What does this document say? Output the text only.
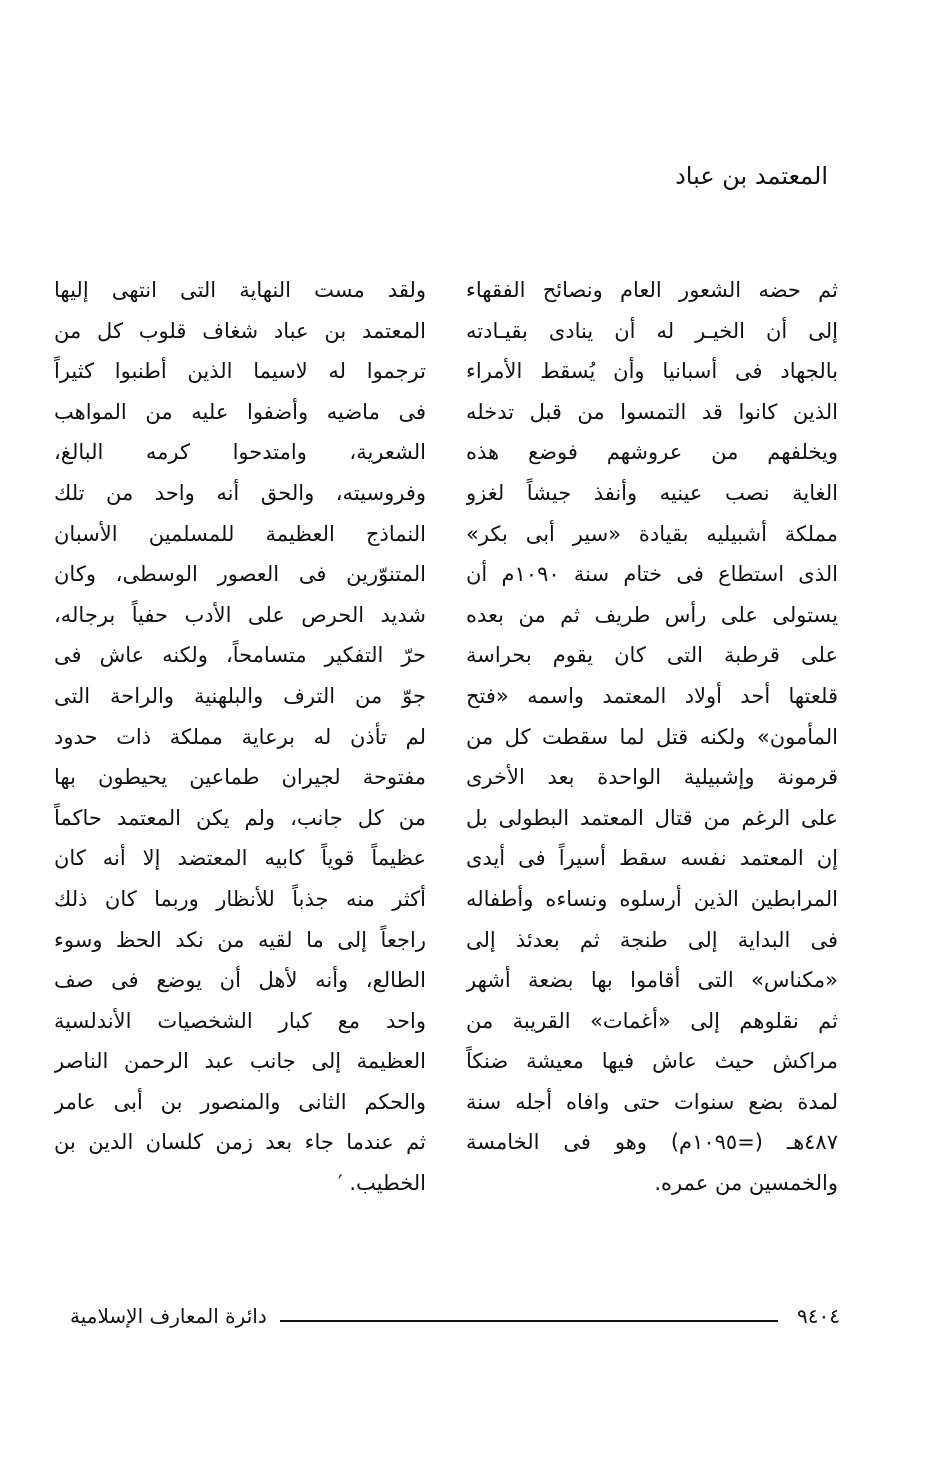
المعتمد بن عباد

ثم حضه الشعور العام ونصائح الفقهاء
إلى أن الخيـر له أن ينادى بقيـادته
بالجهاد فى أسبانيا وأن يُسقط الأمراء
الذين كانوا قد التمسوا من قبل تدخله
ويخلفهم من عروشهم فوضع هذه
الغاية نصب عينيه وأنفذ جيشاً لغزو
مملكة أشبيليه بقيادة «سير أبى بكر»
الذى استطاع فى ختام سنة ١٠٩٠م أن
يستولى على رأس طريف ثم من بعده
على قرطبة التى كان يقوم بحراسة
قلعتها أحد أولاد المعتمد واسمه «فتح
المأمون» ولكنه قتل لما سقطت كل من
قرمونة وإشبيلية الواحدة بعد الأخرى
على الرغم من قتال المعتمد البطولى بل
إن المعتمد نفسه سقط أسيراً فى أيدى
المرابطين الذين أرسلوه ونساءه وأطفاله
فى البداية إلى طنجة ثم بعدئذ إلى
«مكناس» التى أقاموا بها بضعة أشهر
ثم نقلوهم إلى «أغمات» القريبة من
مراكش حيث عاش فيها معيشة ضنكاً
لمدة بضع سنوات حتى وافاه أجله سنة
٤٨٧هـ (=١٠٩٥م) وهو فى الخامسة
والخمسين من عمره.

ولقد مست النهاية التى انتهى إليها
المعتمد بن عباد شغاف قلوب كل من
ترجموا له لاسيما الذين أطنبوا كثيراً
فى ماضيه وأضفوا عليه من المواهب
الشعرية، وامتدحوا كرمه البالغ،
وفروسيته، والحق أنه واحد من تلك
النماذج العظيمة للمسلمين الأسبان
المتنوّرين فى العصور الوسطى، وكان
شديد الحرص على الأدب حفياً برجاله،
حرّ التفكير متسامحاً، ولكنه عاش فى
جوّ من الترف والبلهنية والراحة التى
لم تأذن له برعاية مملكة ذات حدود
مفتوحة لجيران طماعين يحيطون بها
من كل جانب، ولم يكن المعتمد حاكماً
عظيماً قوياً كابيه المعتضد إلا أنه كان
أكثر منه جذباً للأنظار وربما كان ذلك
راجعاً إلى ما لقيه من نكد الحظ وسوء
الطالع، وأنه لأهل أن يوضع فى صف
واحد مع كبار الشخصيات الأندلسية
العظيمة إلى جانب عبد الرحمن الناصر
والحكم الثانى والمنصور بن أبى عامر
ثم عندما جاء بعد زمن كلسان الدين بن
الخطيب. ′

٩٤٠٤
دائرة المعارف الإسلامية
